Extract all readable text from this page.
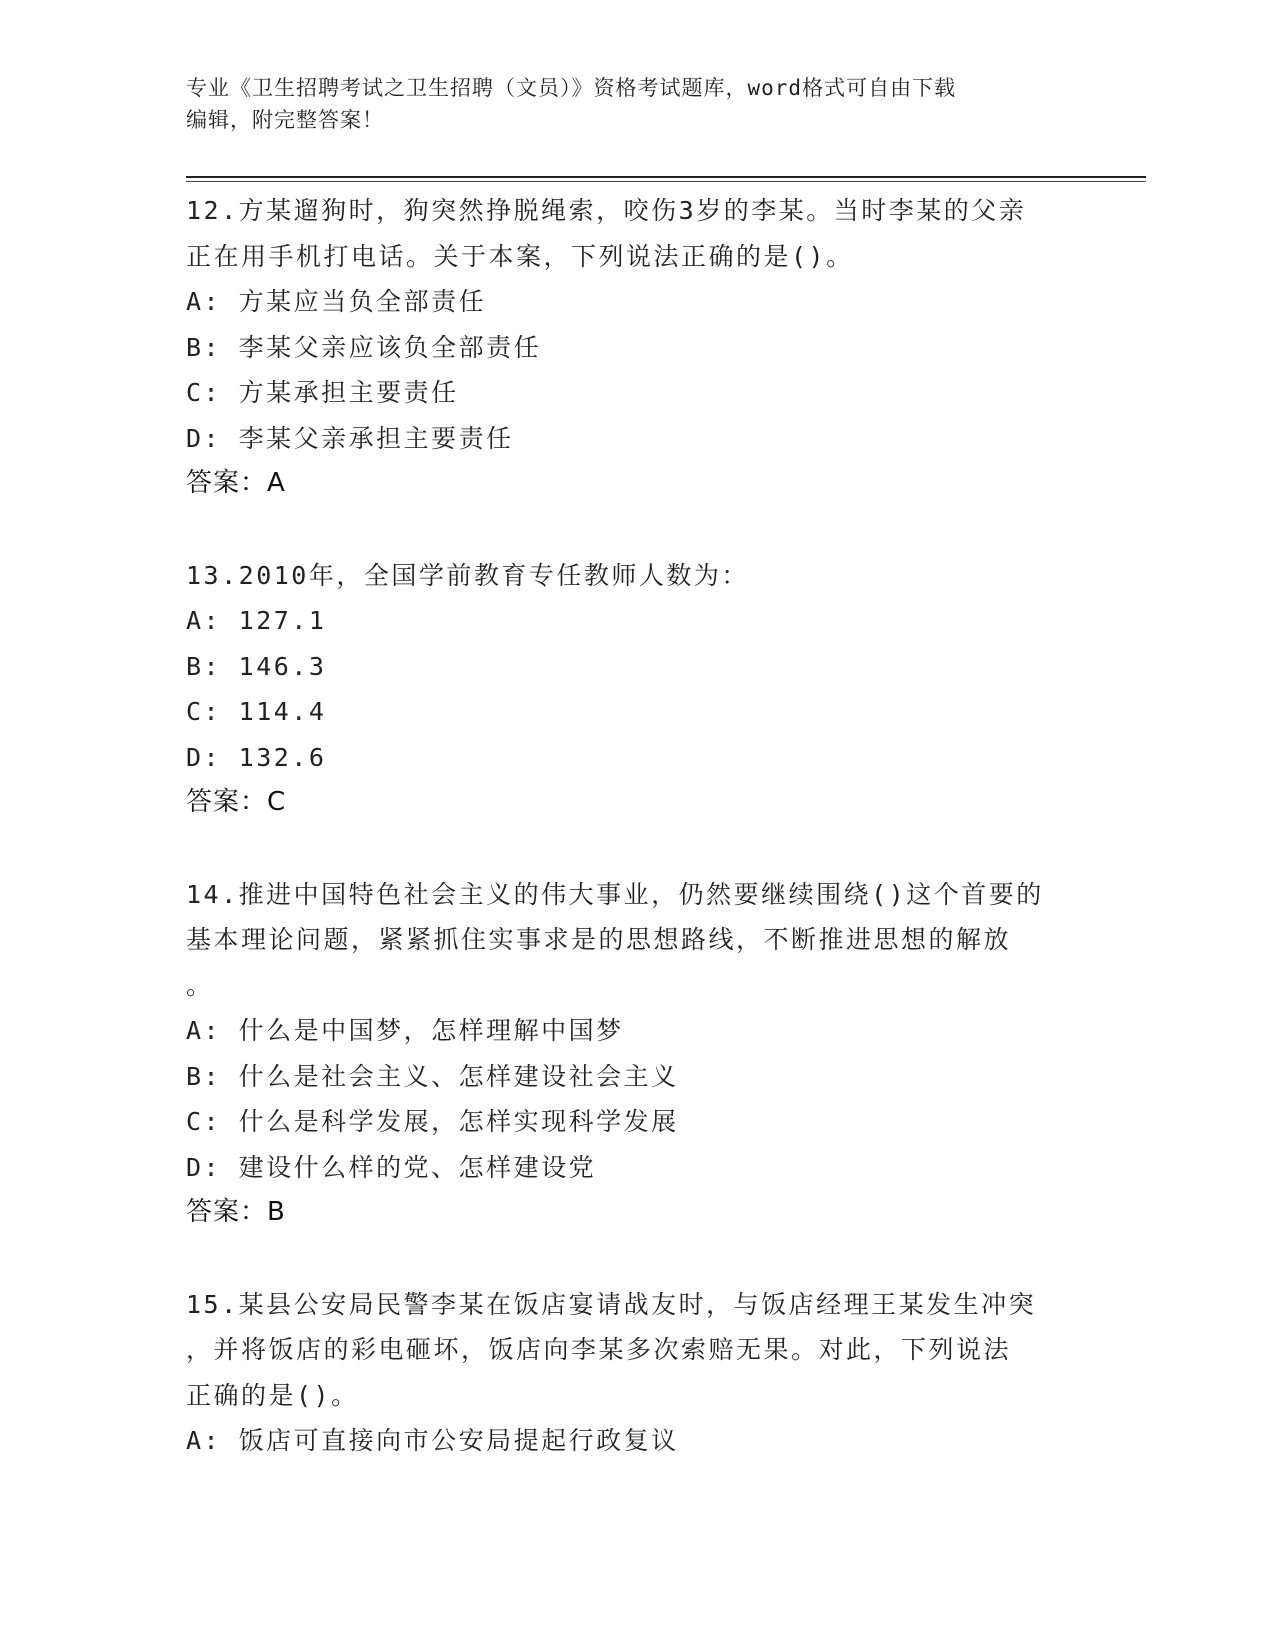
专业《卫生招聘考试之卫生招聘（文员）》资格考试题库，word格式可自由下载
编辑，附完整答案！
12.方某遛狗时，狗突然挣脱绳索，咬伤3岁的李某。当时李某的父亲
正在用手机打电话。关于本案，下列说法正确的是()。
A: 方某应当负全部责任
B: 李某父亲应该负全部责任
C: 方某承担主要责任
D: 李某父亲承担主要责任
答案：A
13.2010年，全国学前教育专任教师人数为：
A: 127.1
B: 146.3
C: 114.4
D: 132.6
答案：C
14.推进中国特色社会主义的伟大事业，仍然要继续围绕()这个首要的
基本理论问题，紧紧抓住实事求是的思想路线，不断推进思想的解放
。
A: 什么是中国梦，怎样理解中国梦
B: 什么是社会主义、怎样建设社会主义
C: 什么是科学发展，怎样实现科学发展
D: 建设什么样的党、怎样建设党
答案：B
15.某县公安局民警李某在饭店宴请战友时，与饭店经理王某发生冲突
，并将饭店的彩电砸坏，饭店向李某多次索赔无果。对此，下列说法
正确的是()。
A: 饭店可直接向市公安局提起行政复议
